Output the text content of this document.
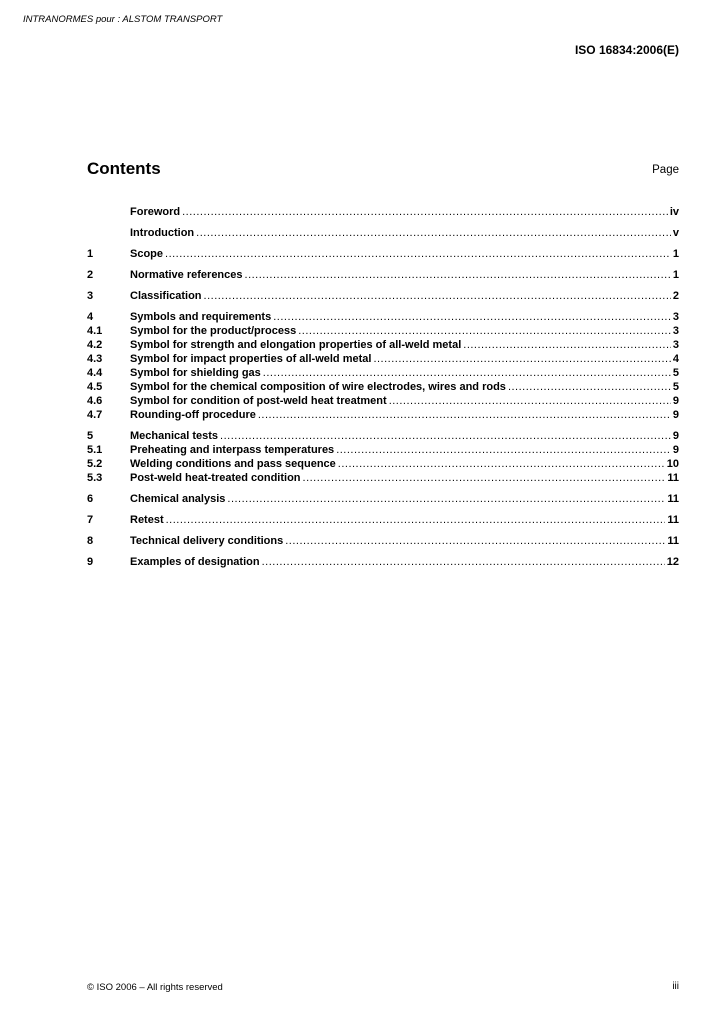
INTRANORMES pour : ALSTOM TRANSPORT
ISO 16834:2006(E)
Contents	Page
Foreword .....	iv
Introduction .....	v
1	Scope .....	1
2	Normative references .....	1
3	Classification .....	2
4	Symbols and requirements .....	3
4.1	Symbol for the product/process .....	3
4.2	Symbol for strength and elongation properties of all-weld metal .....	3
4.3	Symbol for impact properties of all-weld metal .....	4
4.4	Symbol for shielding gas .....	5
4.5	Symbol for the chemical composition of wire electrodes, wires and rods .....	5
4.6	Symbol for condition of post-weld heat treatment .....	9
4.7	Rounding-off procedure .....	9
5	Mechanical tests .....	9
5.1	Preheating and interpass temperatures .....	9
5.2	Welding conditions and pass sequence .....	10
5.3	Post-weld heat-treated condition .....	11
6	Chemical analysis .....	11
7	Retest .....	11
8	Technical delivery conditions .....	11
9	Examples of designation .....	12
© ISO 2006 – All rights reserved	iii
